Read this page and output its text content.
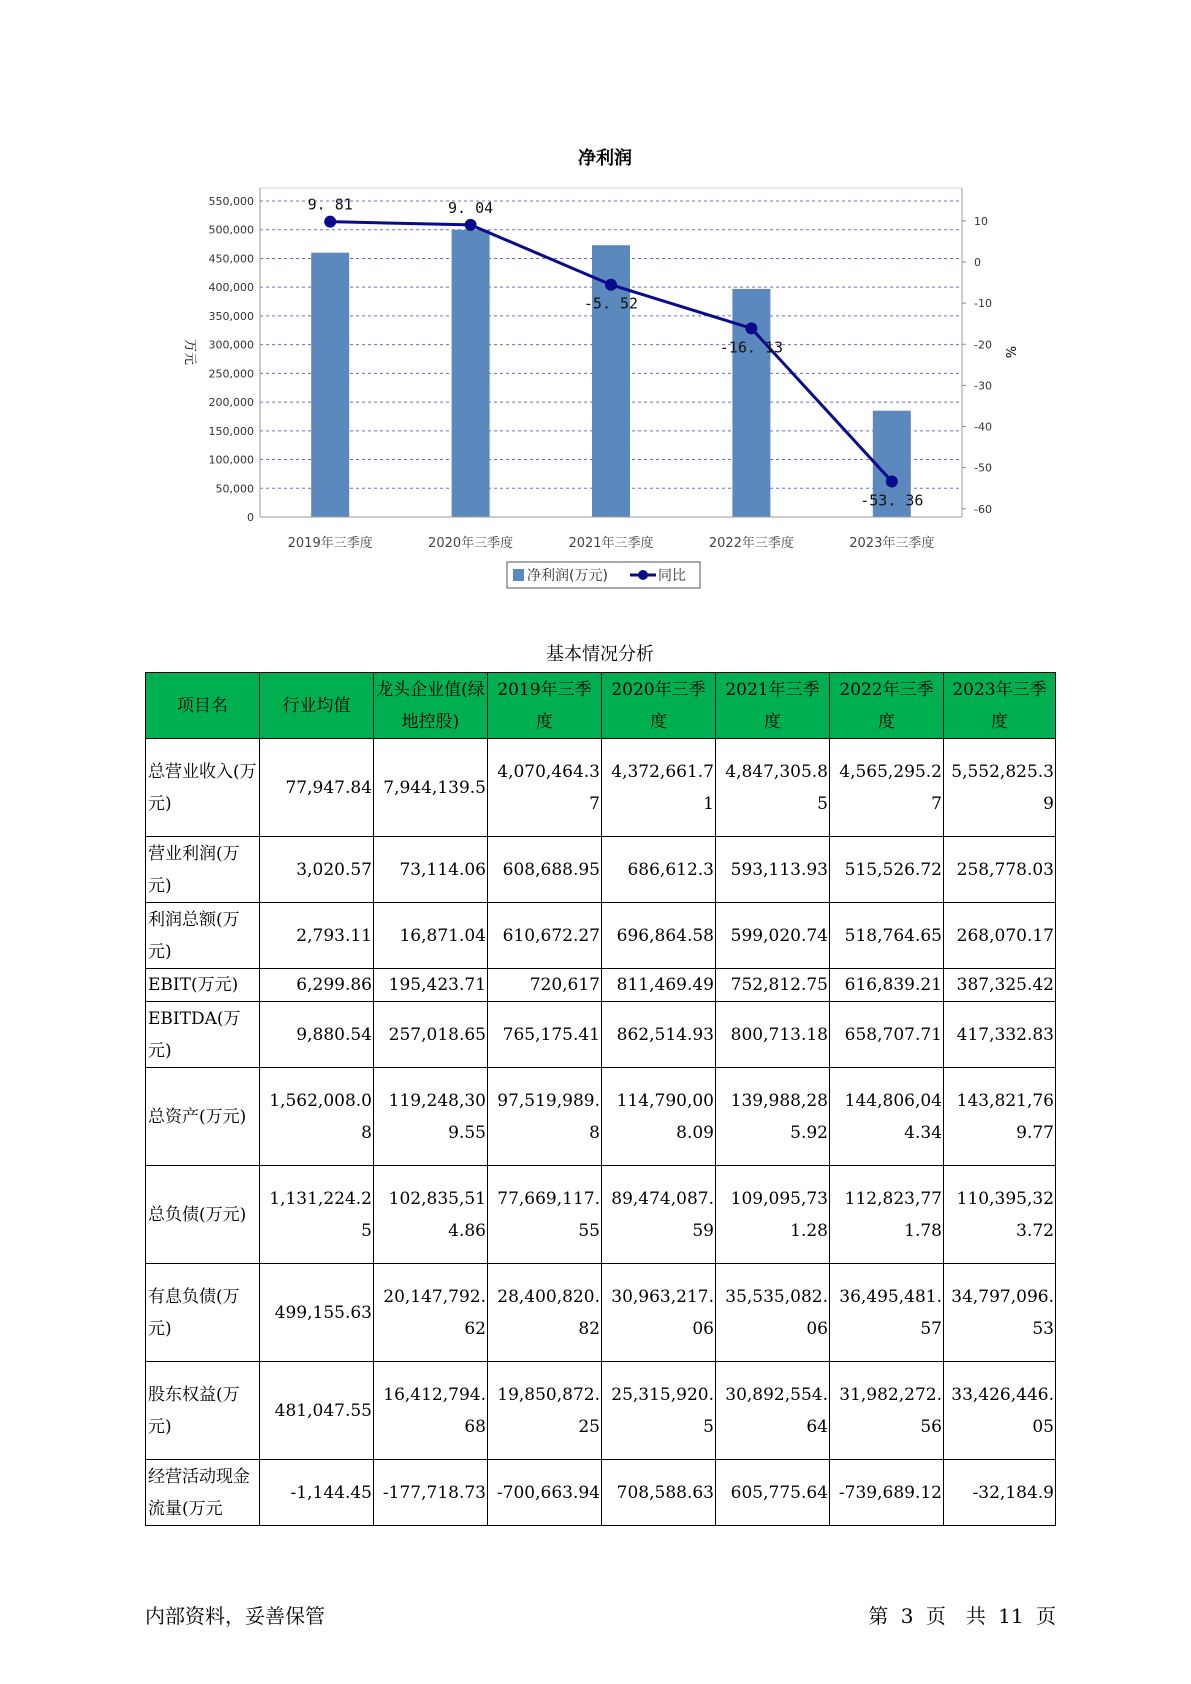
净利润
9. 81	9. 04
-5. 52
-16. 13
-53. 36
0
50,000
100,000
150,000
200,000
250,000
300,000
350,000
400,000
450,000
500,000
550,000
10
0
-10
-20
-30
-40
-50
-60
万元	%
2019年三季度	2020年三季度	2021年三季度	2022年三季度	2023年三季度
净利润(万元)	同比
基本情况分析
项目名	行业均值	龙头企业值(绿地控股)	2019年三季度	2020年三季度	2021年三季度	2022年三季度	2023年三季度
总营业收入(万元)	77,947.84	7,944,139.5	4,070,464.37	4,372,661.71	4,847,305.85	4,565,295.27	5,552,825.39
营业利润(万元)	3,020.57	73,114.06	608,688.95	686,612.3	593,113.93	515,526.72	258,778.03
利润总额(万元)	2,793.11	16,871.04	610,672.27	696,864.58	599,020.74	518,764.65	268,070.17
EBIT(万元)	6,299.86	195,423.71	720,617	811,469.49	752,812.75	616,839.21	387,325.42
EBITDA(万元)	9,880.54	257,018.65	765,175.41	862,514.93	800,713.18	658,707.71	417,332.83
总资产(万元)	1,562,008.08	119,248,309.55	97,519,989.8	114,790,008.09	139,988,285.92	144,806,044.34	143,821,769.77
总负债(万元)	1,131,224.25	102,835,514.86	77,669,117.55	89,474,087.59	109,095,731.28	112,823,771.78	110,395,323.72
有息负债(万元)	499,155.63	20,147,792.62	28,400,820.82	30,963,217.06	35,535,082.06	36,495,481.57	34,797,096.53
股东权益(万元)	481,047.55	16,412,794.68	19,850,872.25	25,315,920.5	30,892,554.64	31,982,272.56	33,426,446.05
经营活动现金流量(万元	-1,144.45	-177,718.73	-700,663.94	708,588.63	605,775.64	-739,689.12	-32,184.9
内部资料，妥善保管	第 3 页　共 11 页
